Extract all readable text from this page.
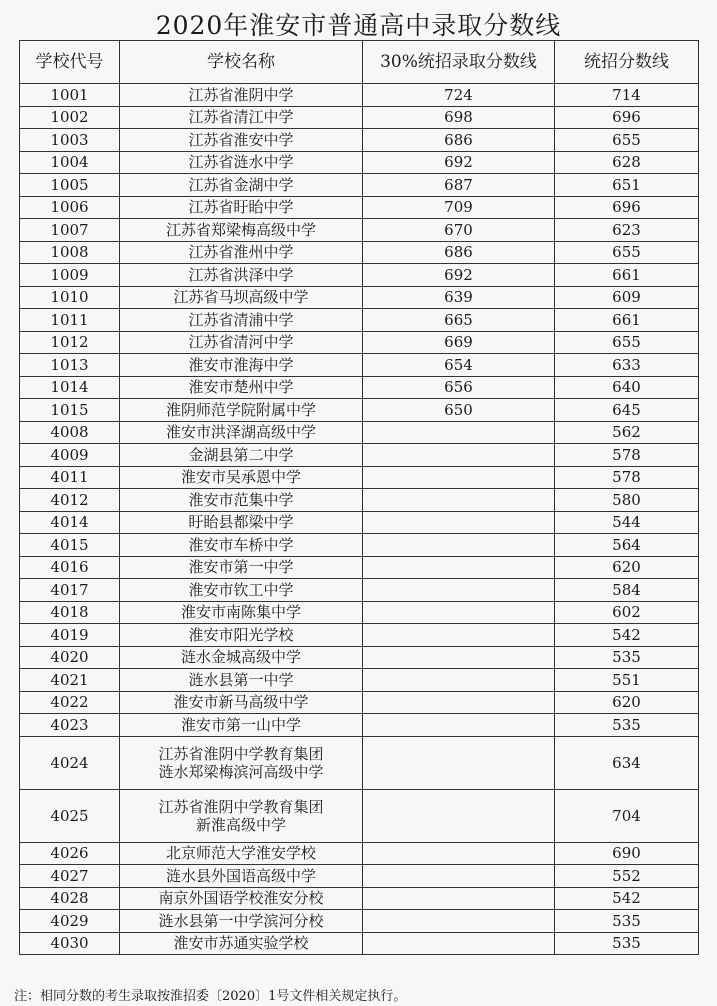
2020年淮安市普通高中录取分数线
学校代号	学校名称	30%统招录取分数线	统招分数线
1001	江苏省淮阴中学	724	714
1002	江苏省清江中学	698	696
1003	江苏省淮安中学	686	655
1004	江苏省涟水中学	692	628
1005	江苏省金湖中学	687	651
1006	江苏省盱眙中学	709	696
1007	江苏省郑梁梅高级中学	670	623
1008	江苏省淮州中学	686	655
1009	江苏省洪泽中学	692	661
1010	江苏省马坝高级中学	639	609
1011	江苏省清浦中学	665	661
1012	江苏省清河中学	669	655
1013	淮安市淮海中学	654	633
1014	淮安市楚州中学	656	640
1015	淮阴师范学院附属中学	650	645
4008	淮安市洪泽湖高级中学		562
4009	金湖县第二中学		578
4011	淮安市吴承恩中学		578
4012	淮安市范集中学		580
4014	盱眙县都梁中学		544
4015	淮安市车桥中学		564
4016	淮安市第一中学		620
4017	淮安市钦工中学		584
4018	淮安市南陈集中学		602
4019	淮安市阳光学校		542
4020	涟水金城高级中学		535
4021	涟水县第一中学		551
4022	淮安市新马高级中学		620
4023	淮安市第一山中学		535
4024	江苏省淮阴中学教育集团
涟水郑梁梅滨河高级中学		634
4025	江苏省淮阴中学教育集团
新淮高级中学		704
4026	北京师范大学淮安学校		690
4027	涟水县外国语高级中学		552
4028	南京外国语学校淮安分校		542
4029	涟水县第一中学滨河分校		535
4030	淮安市苏通实验学校		535
注：相同分数的考生录取按淮招委〔2020〕1号文件相关规定执行。
